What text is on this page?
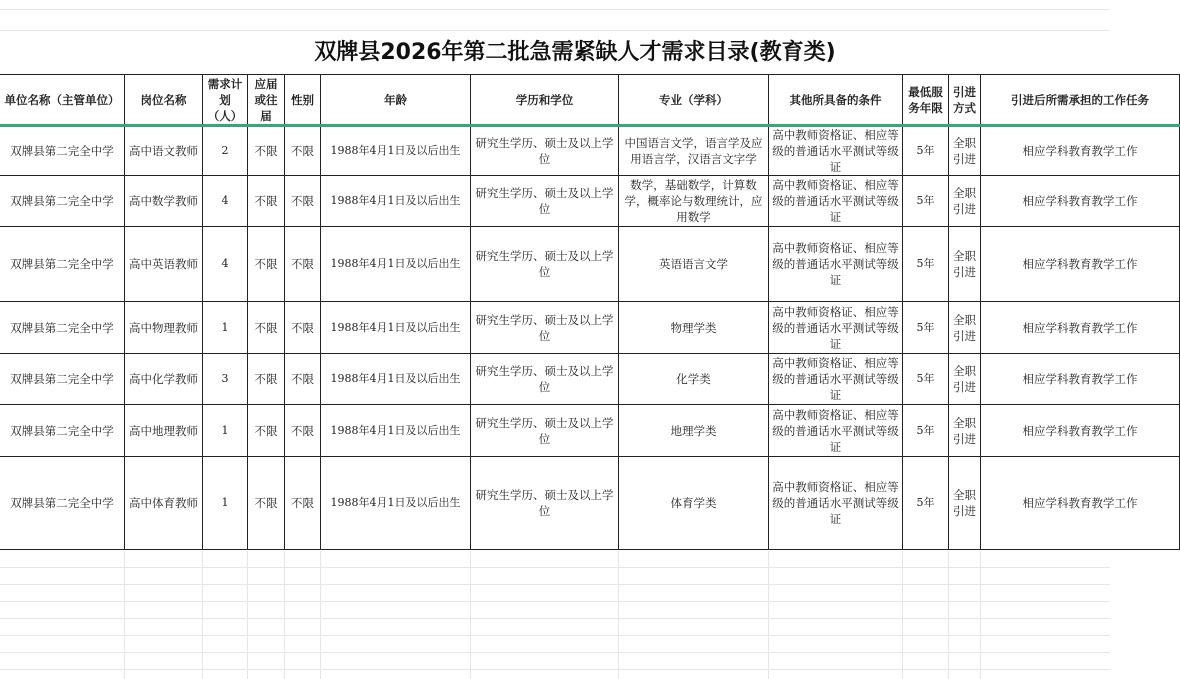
双牌县2026年第二批急需紧缺人才需求目录(教育类)
单位名称（主管单位）	岗位名称	需求计划（人）	应届或往届	性别	年龄	学历和学位	专业（学科）	其他所具备的条件	最低服务年限	引进方式	引进后所需承担的工作任务
双牌县第二完全中学	高中语文教师	2	不限	不限	1988年4月1日及以后出生	研究生学历、硕士及以上学位	中国语言文学，语言学及应用语言学，汉语言文字学	高中教师资格证、相应等级的普通话水平测试等级证	5年	全职引进	相应学科教育教学工作
双牌县第二完全中学	高中数学教师	4	不限	不限	1988年4月1日及以后出生	研究生学历、硕士及以上学位	数学，基础数学，计算数学，概率论与数理统计，应用数学	高中教师资格证、相应等级的普通话水平测试等级证	5年	全职引进	相应学科教育教学工作
双牌县第二完全中学	高中英语教师	4	不限	不限	1988年4月1日及以后出生	研究生学历、硕士及以上学位	英语语言文学	高中教师资格证、相应等级的普通话水平测试等级证	5年	全职引进	相应学科教育教学工作
双牌县第二完全中学	高中物理教师	1	不限	不限	1988年4月1日及以后出生	研究生学历、硕士及以上学位	物理学类	高中教师资格证、相应等级的普通话水平测试等级证	5年	全职引进	相应学科教育教学工作
双牌县第二完全中学	高中化学教师	3	不限	不限	1988年4月1日及以后出生	研究生学历、硕士及以上学位	化学类	高中教师资格证、相应等级的普通话水平测试等级证	5年	全职引进	相应学科教育教学工作
双牌县第二完全中学	高中地理教师	1	不限	不限	1988年4月1日及以后出生	研究生学历、硕士及以上学位	地理学类	高中教师资格证、相应等级的普通话水平测试等级证	5年	全职引进	相应学科教育教学工作
双牌县第二完全中学	高中体育教师	1	不限	不限	1988年4月1日及以后出生	研究生学历、硕士及以上学位	体育学类	高中教师资格证、相应等级的普通话水平测试等级证	5年	全职引进	相应学科教育教学工作
